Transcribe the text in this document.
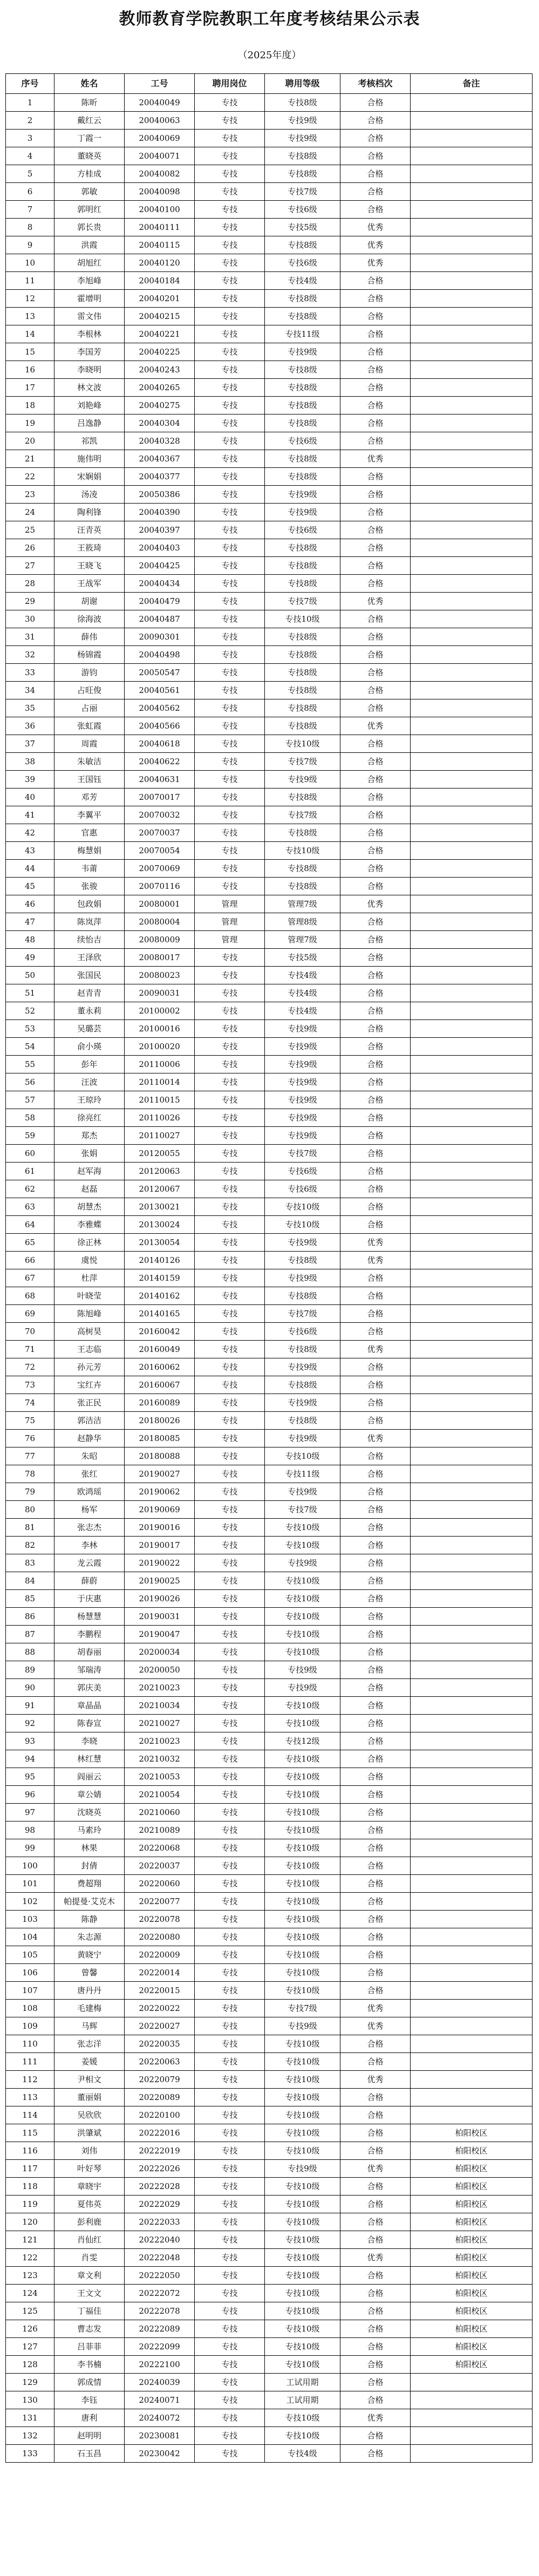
教师教育学院教职工年度考核结果公示表
（2025年度）
序号	姓名	工号	聘用岗位	聘用等级	考核档次	备注
1	陈昕	20040049	专技	专技8级	合格	
2	戴红云	20040063	专技	专技9级	合格	
3	丁霞一	20040069	专技	专技9级	合格	
4	董晓英	20040071	专技	专技8级	合格	
5	方桂成	20040082	专技	专技8级	合格	
6	郭敏	20040098	专技	专技7级	合格	
7	郭明红	20040100	专技	专技6级	合格	
8	郭长贵	20040111	专技	专技5级	优秀	
9	洪霞	20040115	专技	专技8级	优秀	
10	胡旭红	20040120	专技	专技6级	优秀	
11	李旭峰	20040184	专技	专技4级	合格	
12	霍增明	20040201	专技	专技8级	合格	
13	雷文伟	20040215	专技	专技8级	合格	
14	李根林	20040221	专技	专技11级	合格	
15	李国芳	20040225	专技	专技9级	合格	
16	李晓明	20040243	专技	专技8级	合格	
17	林文波	20040265	专技	专技8级	合格	
18	刘艳峰	20040275	专技	专技8级	合格	
19	吕逸静	20040304	专技	专技8级	合格	
20	祁凯	20040328	专技	专技6级	合格	
21	施伟明	20040367	专技	专技8级	优秀	
22	宋娴娟	20040377	专技	专技8级	合格	
23	汤凌	20050386	专技	专技9级	合格	
24	陶利锋	20040390	专技	专技9级	合格	
25	汪青英	20040397	专技	专技6级	合格	
26	王筱琦	20040403	专技	专技8级	合格	
27	王晓飞	20040425	专技	专技8级	合格	
28	王战军	20040434	专技	专技8级	合格	
29	胡谢	20040479	专技	专技7级	优秀	
30	徐海波	20040487	专技	专技10级	合格	
31	薛伟	20090301	专技	专技8级	合格	
32	杨锦霞	20040498	专技	专技8级	合格	
33	游钧	20050547	专技	专技8级	合格	
34	占旺俊	20040561	专技	专技8级	合格	
35	占丽	20040562	专技	专技8级	合格	
36	张虹霞	20040566	专技	专技8级	优秀	
37	周霞	20040618	专技	专技10级	合格	
38	朱敏洁	20040622	专技	专技7级	合格	
39	王国钰	20040631	专技	专技9级	合格	
40	邓芳	20070017	专技	专技8级	合格	
41	李翼平	20070032	专技	专技7级	合格	
42	官惠	20070037	专技	专技8级	合格	
43	梅慧娟	20070054	专技	专技10级	合格	
44	韦莆	20070069	专技	专技8级	合格	
45	张骏	20070116	专技	专技8级	合格	
46	包政娟	20080001	管理	管理7级	优秀	
47	陈岚萍	20080004	管理	管理8级	合格	
48	续怡吉	20080009	管理	管理7级	合格	
49	王泽欣	20080017	专技	专技5级	合格	
50	张国民	20080023	专技	专技4级	合格	
51	赵青青	20090031	专技	专技4级	合格	
52	董永莉	20100002	专技	专技4级	合格	
53	吴璐芸	20100016	专技	专技9级	合格	
54	俞小瑛	20100020	专技	专技9级	合格	
55	彭年	20110006	专技	专技9级	合格	
56	汪波	20110014	专技	专技9级	合格	
57	王琼玲	20110015	专技	专技9级	合格	
58	徐亮红	20110026	专技	专技9级	合格	
59	郑杰	20110027	专技	专技9级	合格	
60	张娟	20120055	专技	专技7级	合格	
61	赵军海	20120063	专技	专技6级	合格	
62	赵磊	20120067	专技	专技6级	合格	
63	胡慧杰	20130021	专技	专技10级	合格	
64	李雅蝶	20130024	专技	专技10级	合格	
65	徐正林	20130054	专技	专技9级	优秀	
66	虞悦	20140126	专技	专技8级	优秀	
67	杜萍	20140159	专技	专技9级	合格	
68	叶晓莹	20140162	专技	专技8级	合格	
69	陈旭峰	20140165	专技	专技7级	合格	
70	高树昊	20160042	专技	专技6级	合格	
71	王志临	20160049	专技	专技8级	优秀	
72	孙元芳	20160062	专技	专技9级	合格	
73	宝红卉	20160067	专技	专技8级	合格	
74	张正民	20160089	专技	专技9级	合格	
75	郭洁洁	20180026	专技	专技8级	合格	
76	赵静华	20180085	专技	专技9级	优秀	
77	朱昭	20180088	专技	专技10级	合格	
78	张红	20190027	专技	专技11级	合格	
79	欧鸿瑶	20190062	专技	专技9级	合格	
80	杨军	20190069	专技	专技7级	合格	
81	张志杰	20190016	专技	专技10级	合格	
82	李林	20190017	专技	专技10级	合格	
83	龙云霞	20190022	专技	专技9级	合格	
84	薛蔚	20190025	专技	专技10级	合格	
85	于庆惠	20190026	专技	专技10级	合格	
86	杨慧慧	20190031	专技	专技10级	合格	
87	李鹏程	20190047	专技	专技10级	合格	
88	胡春丽	20200034	专技	专技10级	合格	
89	邹瑞涛	20200050	专技	专技9级	合格	
90	郭庆美	20210023	专技	专技9级	合格	
91	章晶晶	20210034	专技	专技10级	合格	
92	陈春宣	20210027	专技	专技10级	合格	
93	李晓	20210023	专技	专技12级	合格	
94	林红慧	20210032	专技	专技10级	合格	
95	阎丽云	20210053	专技	专技10级	合格	
96	章公婧	20210054	专技	专技10级	合格	
97	沈晓英	20210060	专技	专技10级	合格	
98	马素玲	20210089	专技	专技10级	合格	
99	林果	20220068	专技	专技10级	合格	
100	封倩	20220037	专技	专技10级	合格	
101	费超翔	20220060	专技	专技10级	合格	
102	帕提曼·艾克木	20220077	专技	专技10级	合格	
103	陈静	20220078	专技	专技10级	合格	
104	朱志源	20220080	专技	专技10级	合格	
105	黄晓宁	20220009	专技	专技10级	合格	
106	曾馨	20220014	专技	专技10级	合格	
107	唐丹丹	20220015	专技	专技10级	合格	
108	毛建梅	20220022	专技	专技7级	优秀	
109	马辉	20220027	专技	专技9级	优秀	
110	张志洋	20220035	专技	专技10级	合格	
111	姜媛	20220063	专技	专技10级	合格	
112	尹相文	20220079	专技	专技10级	优秀	
113	董丽娟	20220089	专技	专技10级	合格	
114	吴欣欣	20220100	专技	专技10级	合格	
115	洪肇斌	20222016	专技	专技10级	合格	柏阳校区
116	刘伟	20222019	专技	专技10级	合格	柏阳校区
117	叶好琴	20222026	专技	专技9级	优秀	柏阳校区
118	章晓宇	20222028	专技	专技10级	合格	柏阳校区
119	夏伟英	20222029	专技	专技10级	合格	柏阳校区
120	彭利鹿	20222033	专技	专技10级	合格	柏阳校区
121	肖仙红	20222040	专技	专技10级	合格	柏阳校区
122	肖雯	20222048	专技	专技10级	优秀	柏阳校区
123	章文利	20222050	专技	专技10级	合格	柏阳校区
124	王文文	20222072	专技	专技10级	合格	柏阳校区
125	丁福佳	20222078	专技	专技10级	合格	柏阳校区
126	曹志发	20222089	专技	专技10级	合格	柏阳校区
127	吕菲菲	20222099	专技	专技10级	合格	柏阳校区
128	李书楠	20222100	专技	专技10级	合格	柏阳校区
129	郭成情	20240039	专技	工试用期	合格	
130	李钰	20240071	专技	工试用期	合格	
131	唐利	20240072	专技	专技10级	优秀	
132	赵明明	20230081	专技	专技10级	合格	
133	石玉昌	20230042	专技	专技4级	合格	
